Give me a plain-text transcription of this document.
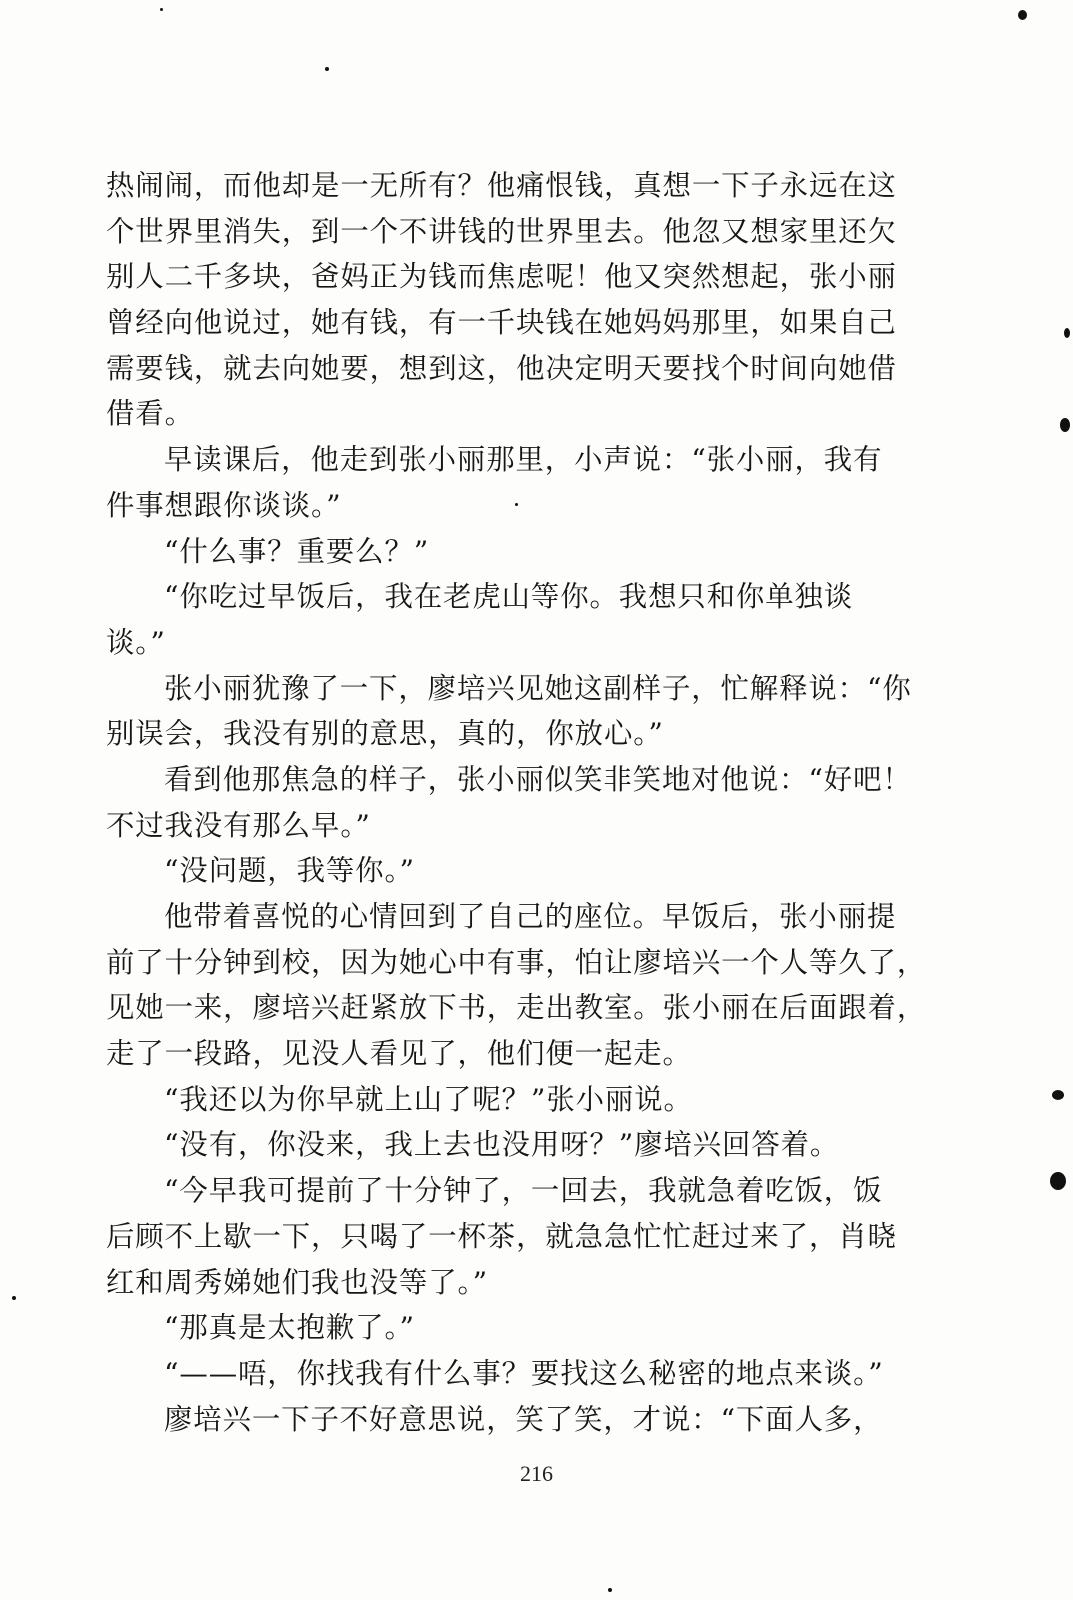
热闹闹，而他却是一无所有？他痛恨钱，真想一下子永远在这
个世界里消失，到一个不讲钱的世界里去。他忽又想家里还欠
别人二千多块，爸妈正为钱而焦虑呢！他又突然想起，张小丽
曾经向他说过，她有钱，有一千块钱在她妈妈那里，如果自己
需要钱，就去向她要，想到这，他决定明天要找个时间向她借
借看。
早读课后，他走到张小丽那里，小声说：“张小丽，我有
件事想跟你谈谈。”
“什么事？重要么？”
“你吃过早饭后，我在老虎山等你。我想只和你单独谈
谈。”
张小丽犹豫了一下，廖培兴见她这副样子，忙解释说：“你
别误会，我没有别的意思，真的，你放心。”
看到他那焦急的样子，张小丽似笑非笑地对他说：“好吧！
不过我没有那么早。”
“没问题，我等你。”
他带着喜悦的心情回到了自己的座位。早饭后，张小丽提
前了十分钟到校，因为她心中有事，怕让廖培兴一个人等久了，
见她一来，廖培兴赶紧放下书，走出教室。张小丽在后面跟着，
走了一段路，见没人看见了，他们便一起走。
“我还以为你早就上山了呢？”张小丽说。
“没有，你没来，我上去也没用呀？”廖培兴回答着。
“今早我可提前了十分钟了，一回去，我就急着吃饭，饭
后顾不上歇一下，只喝了一杯茶，就急急忙忙赶过来了，肖晓
红和周秀娣她们我也没等了。”
“那真是太抱歉了。”
“——唔，你找我有什么事？要找这么秘密的地点来谈。”
廖培兴一下子不好意思说，笑了笑，才说：“下面人多，
216
